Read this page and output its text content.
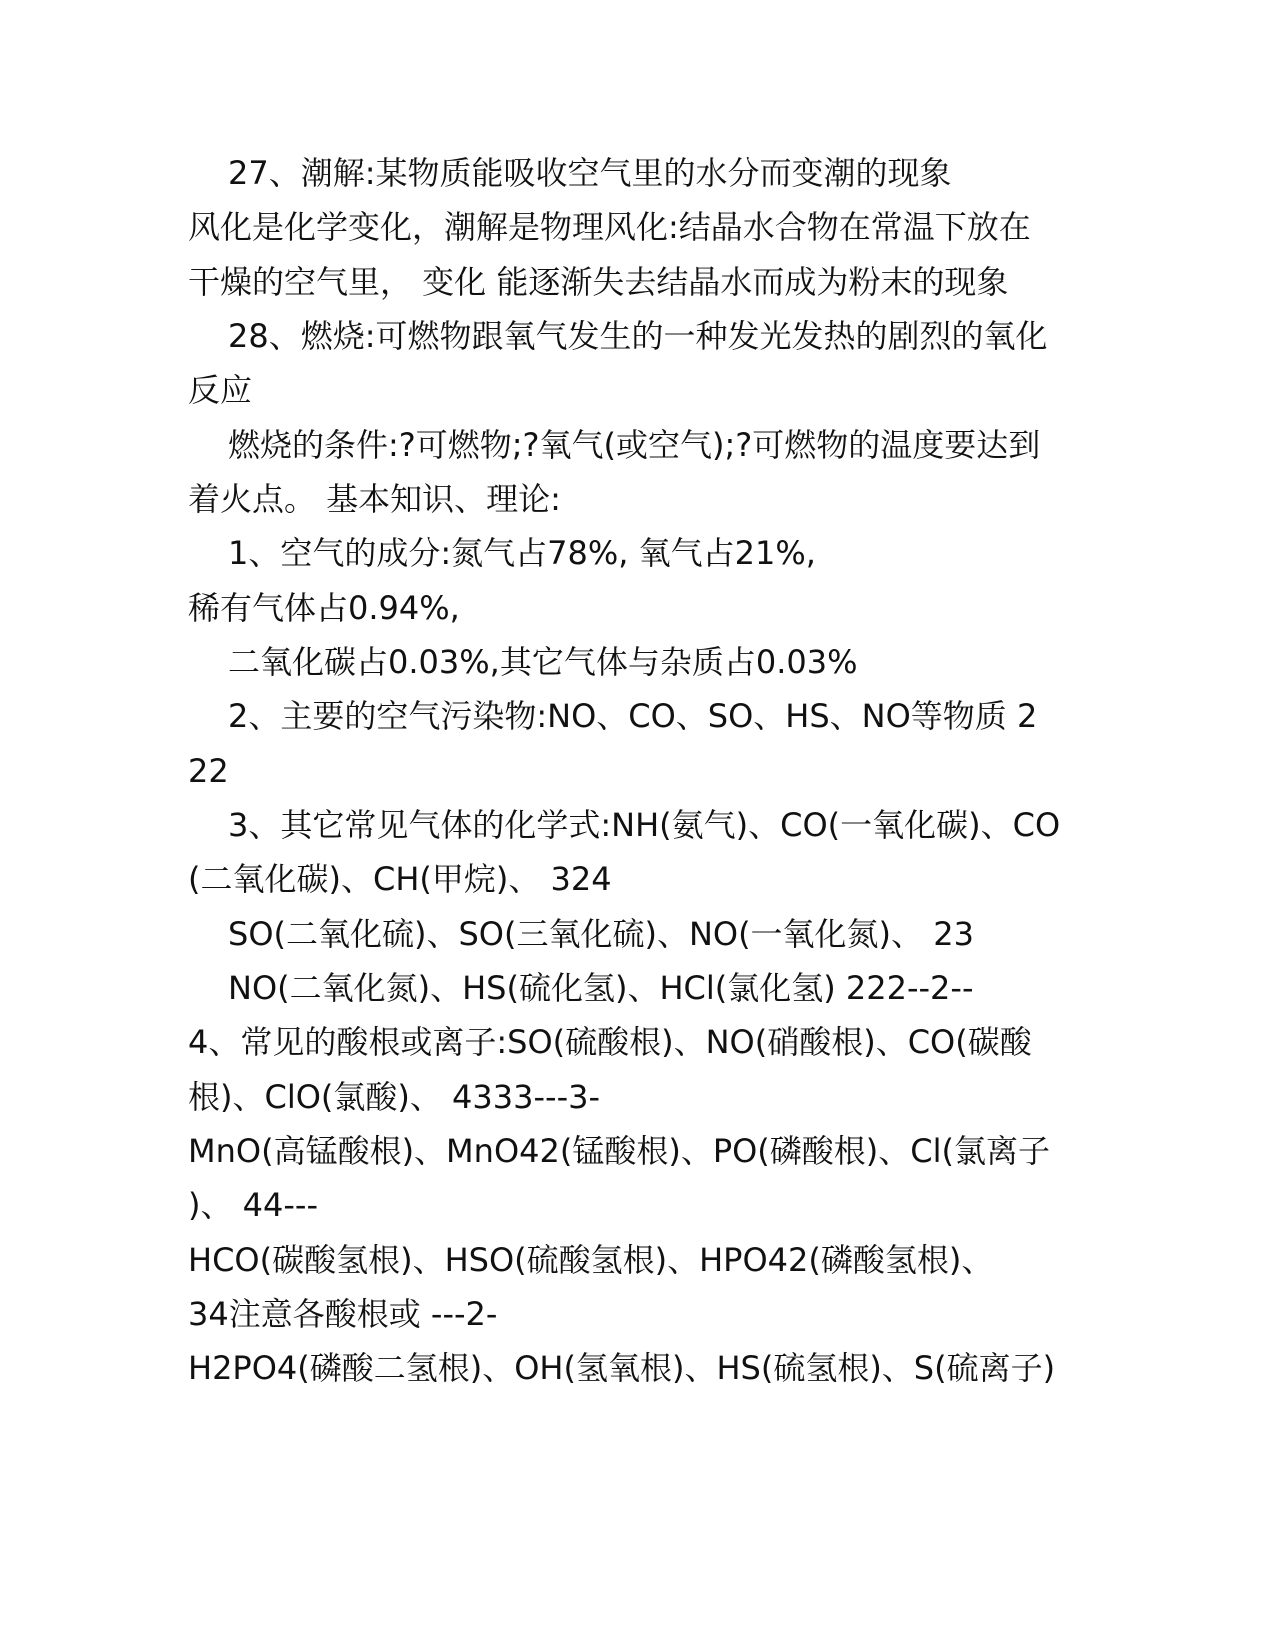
27、潮解:某物质能吸收空气里的水分而变潮的现象
风化是化学变化，潮解是物理风化:结晶水合物在常温下放在
干燥的空气里， 变化 能逐渐失去结晶水而成为粉末的现象
28、燃烧:可燃物跟氧气发生的一种发光发热的剧烈的氧化
反应
燃烧的条件:?可燃物;?氧气(或空气);?可燃物的温度要达到
着火点。 基本知识、理论:
1、空气的成分:氮气占78%, 氧气占21%,
稀有气体占0.94%,
二氧化碳占0.03%,其它气体与杂质占0.03%
2、主要的空气污染物:NO、CO、SO、HS、NO等物质 2
22
3、其它常见气体的化学式:NH(氨气)、CO(一氧化碳)、CO
(二氧化碳)、CH(甲烷)、 324
SO(二氧化硫)、SO(三氧化硫)、NO(一氧化氮)、 23
NO(二氧化氮)、HS(硫化氢)、HCl(氯化氢) 222--2--
4、常见的酸根或离子:SO(硫酸根)、NO(硝酸根)、CO(碳酸
根)、ClO(氯酸)、 4333---3-
MnO(高锰酸根)、MnO42(锰酸根)、PO(磷酸根)、Cl(氯离子
)、 44---
HCO(碳酸氢根)、HSO(硫酸氢根)、HPO42(磷酸氢根)、
34注意各酸根或 ---2-
H2PO4(磷酸二氢根)、OH(氢氧根)、HS(硫氢根)、S(硫离子)
